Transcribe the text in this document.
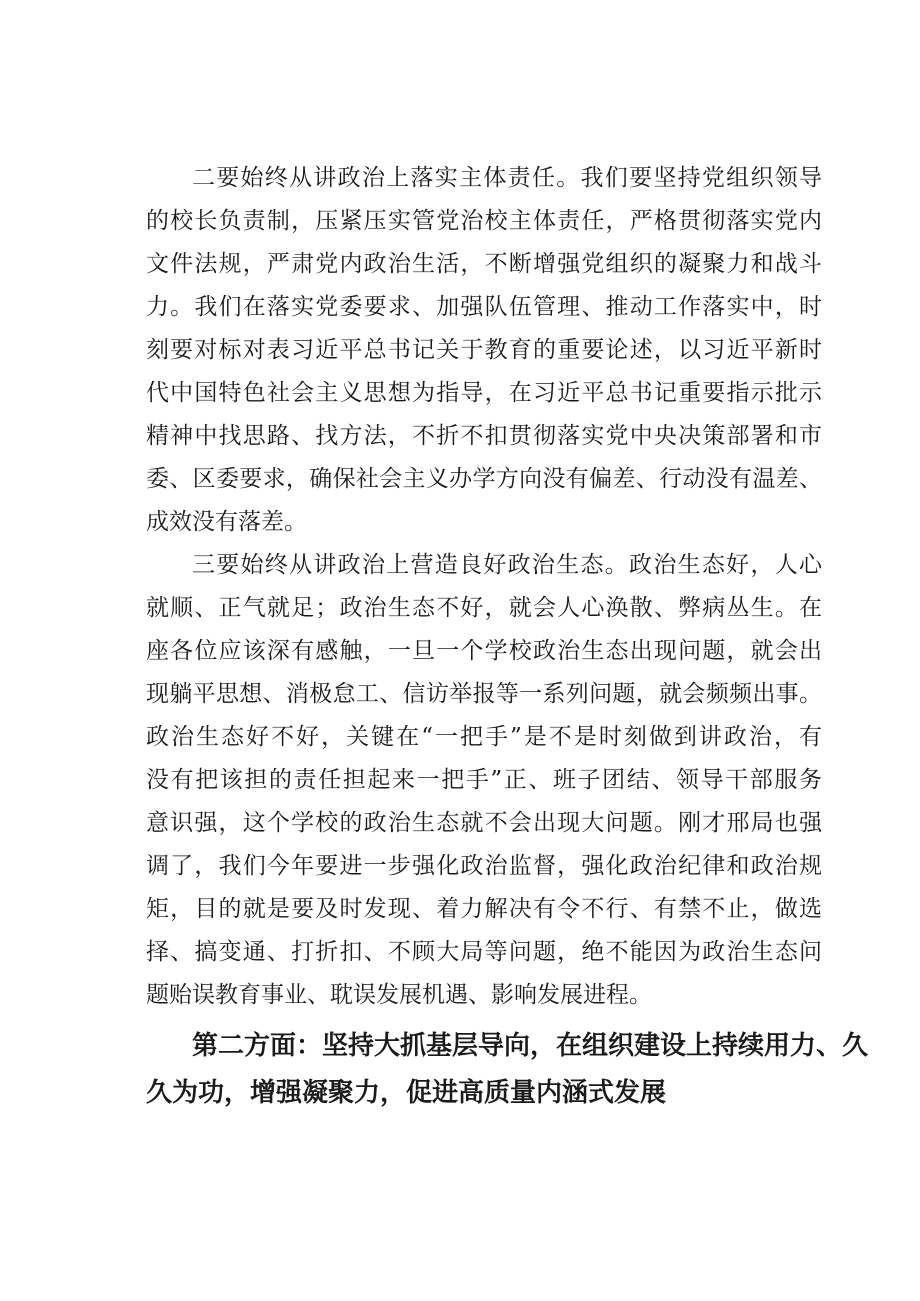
二要始终从讲政治上落实主体责任。我们要坚持党组织领导
的校长负责制，压紧压实管党治校主体责任，严格贯彻落实党内
文件法规，严肃党内政治生活，不断增强党组织的凝聚力和战斗
力。我们在落实党委要求、加强队伍管理、推动工作落实中，时
刻要对标对表习近平总书记关于教育的重要论述，以习近平新时
代中国特色社会主义思想为指导，在习近平总书记重要指示批示
精神中找思路、找方法，不折不扣贯彻落实党中央决策部署和市
委、区委要求，确保社会主义办学方向没有偏差、行动没有温差、
成效没有落差。
三要始终从讲政治上营造良好政治生态。政治生态好，人心
就顺、正气就足；政治生态不好，就会人心涣散、弊病丛生。在
座各位应该深有感触，一旦一个学校政治生态出现问题，就会出
现躺平思想、消极怠工、信访举报等一系列问题，就会频频出事。
政治生态好不好，关键在“一把手”是不是时刻做到讲政治，有
没有把该担的责任担起来一把手”正、班子团结、领导干部服务
意识强，这个学校的政治生态就不会出现大问题。刚才邢局也强
调了，我们今年要进一步强化政治监督，强化政治纪律和政治规
矩，目的就是要及时发现、着力解决有令不行、有禁不止，做选
择、搞变通、打折扣、不顾大局等问题，绝不能因为政治生态问
题贻误教育事业、耽误发展机遇、影响发展进程。
第二方面：坚持大抓基层导向，在组织建设上持续用力、久
久为功，增强凝聚力，促进高质量内涵式发展
